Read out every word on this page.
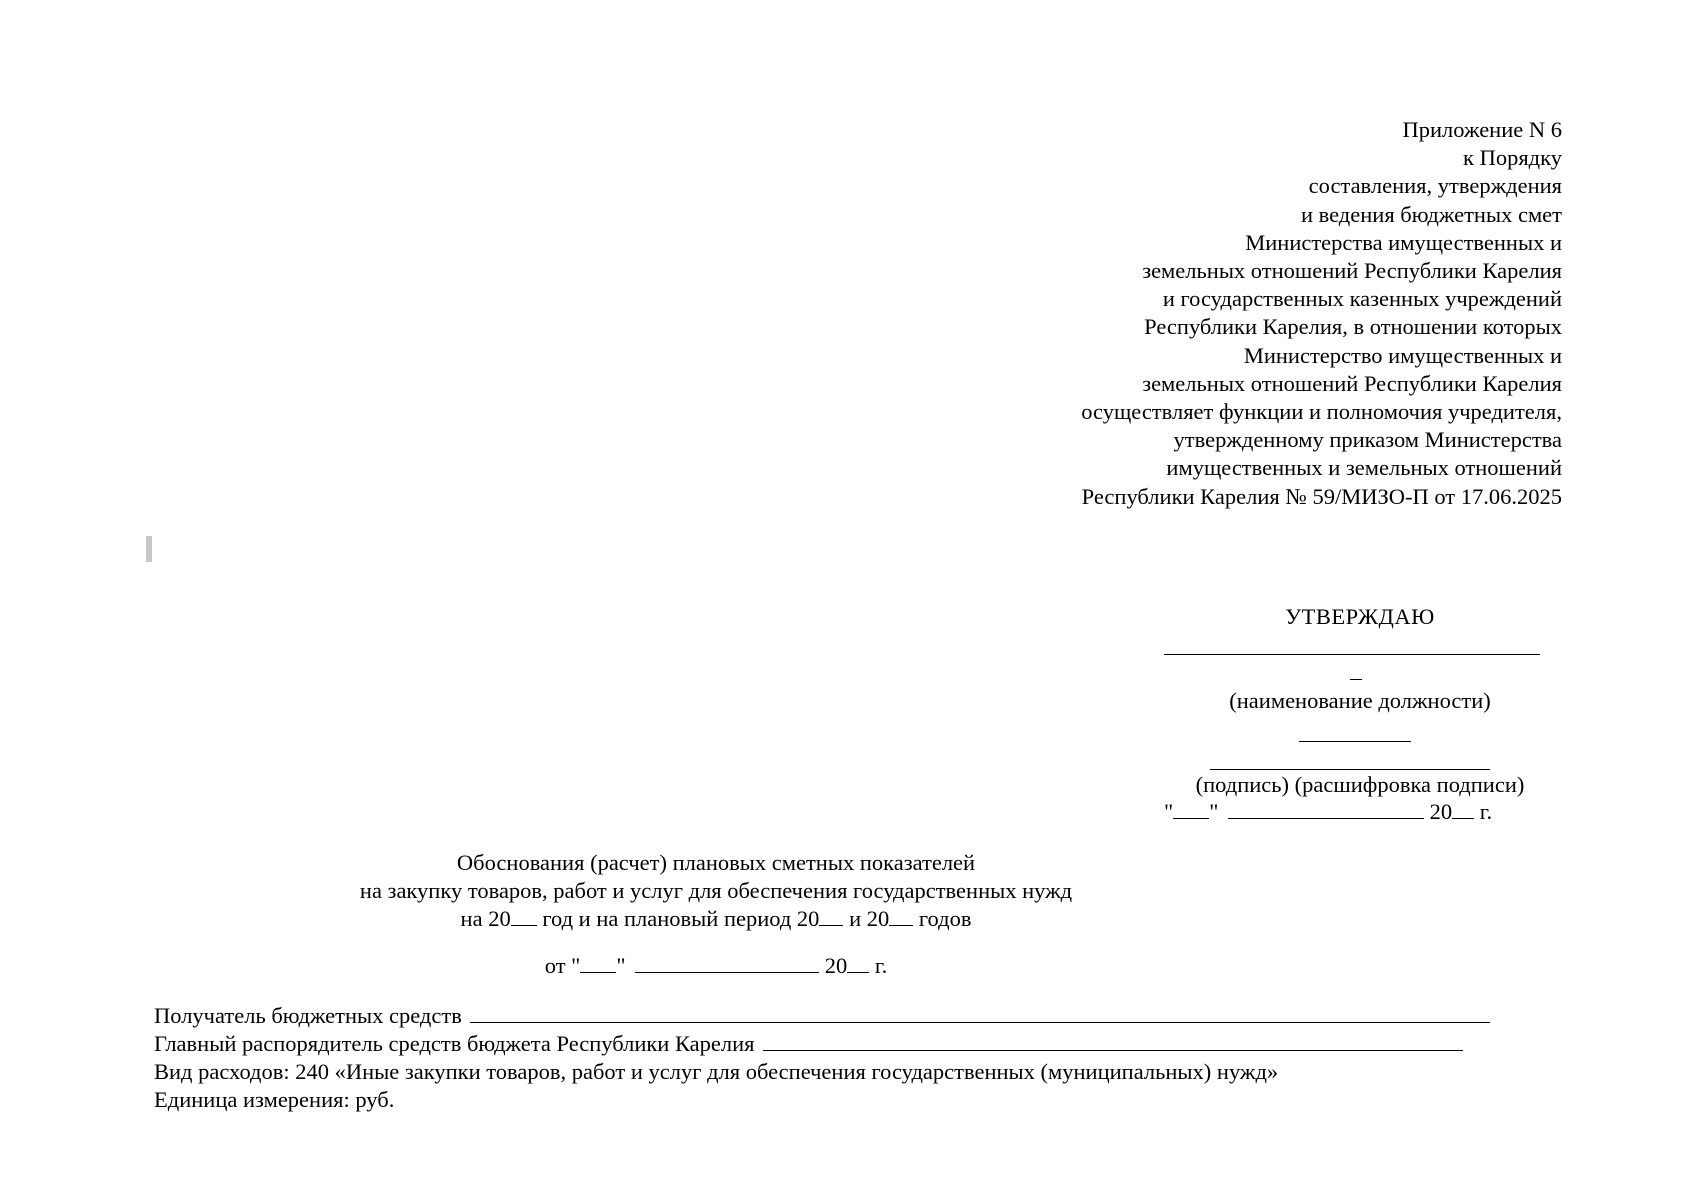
Приложение N 6
к Порядку
составления, утверждения
и ведения бюджетных смет
Министерства имущественных и
земельных отношений Республики Карелия
и государственных казенных учреждений
Республики Карелия, в отношении которых
Министерство имущественных и
земельных отношений Республики Карелия
осуществляет функции и полномочия учредителя,
утвержденному приказом Министерства
имущественных и земельных отношений
Республики Карелия № 59/МИЗО-П от 17.06.2025
УТВЕРЖДАЮ
(наименование должности)
(подпись) (расшифровка подписи)
" "	20 г.
Обоснования (расчет) плановых сметных показателей
на закупку товаров, работ и услуг для обеспечения государственных нужд
на 20 год и на плановый период 20 и 20 годов
от " "	20 г.
Получатель бюджетных средств
Главный распорядитель средств бюджета Республики Карелия
Вид расходов: 240 «Иные закупки товаров, работ и услуг для обеспечения государственных (муниципальных) нужд»
Единица измерения: руб.
